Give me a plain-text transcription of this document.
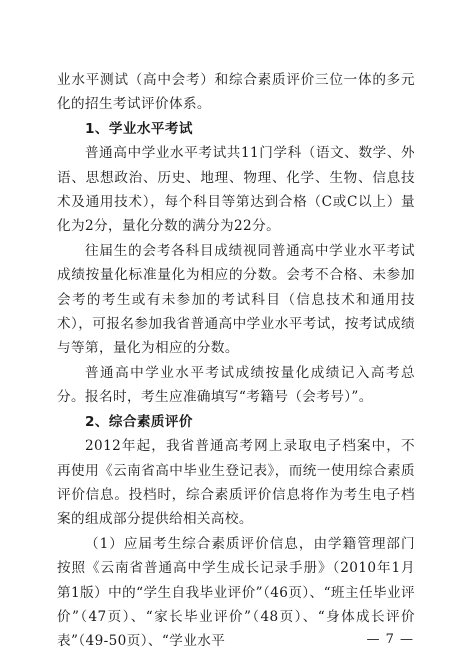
业水平测试（高中会考）和综合素质评价三位一体的多元化的招生考试评价体系。

1、学业水平考试

普通高中学业水平考试共11门学科（语文、数学、外语、思想政治、历史、地理、物理、化学、生物、信息技术及通用技术），每个科目等第达到合格（C或C以上）量化为2分，量化分数的满分为22分。

往届生的会考各科目成绩视同普通高中学业水平考试成绩按量化标准量化为相应的分数。会考不合格、未参加会考的考生或有未参加的考试科目（信息技术和通用技术），可报名参加我省普通高中学业水平考试，按考试成绩与等第，量化为相应的分数。

普通高中学业水平考试成绩按量化成绩记入高考总分。报名时，考生应准确填写“考籍号（会考号）”。

2、综合素质评价

2012年起，我省普通高考网上录取电子档案中，不再使用《云南省高中毕业生登记表》，而统一使用综合素质评价信息。投档时，综合素质评价信息将作为考生电子档案的组成部分提供给相关高校。

（1）应届考生综合素质评价信息，由学籍管理部门按照《云南省普通高中学生成长记录手册》（2010年1月第1版）中的“学生自我毕业评价”（46页）、“班主任毕业评价”（47页）、“家长毕业评价”（48页）、“身体成长评价表”（49-50页）、“学业水平	— 7 —
